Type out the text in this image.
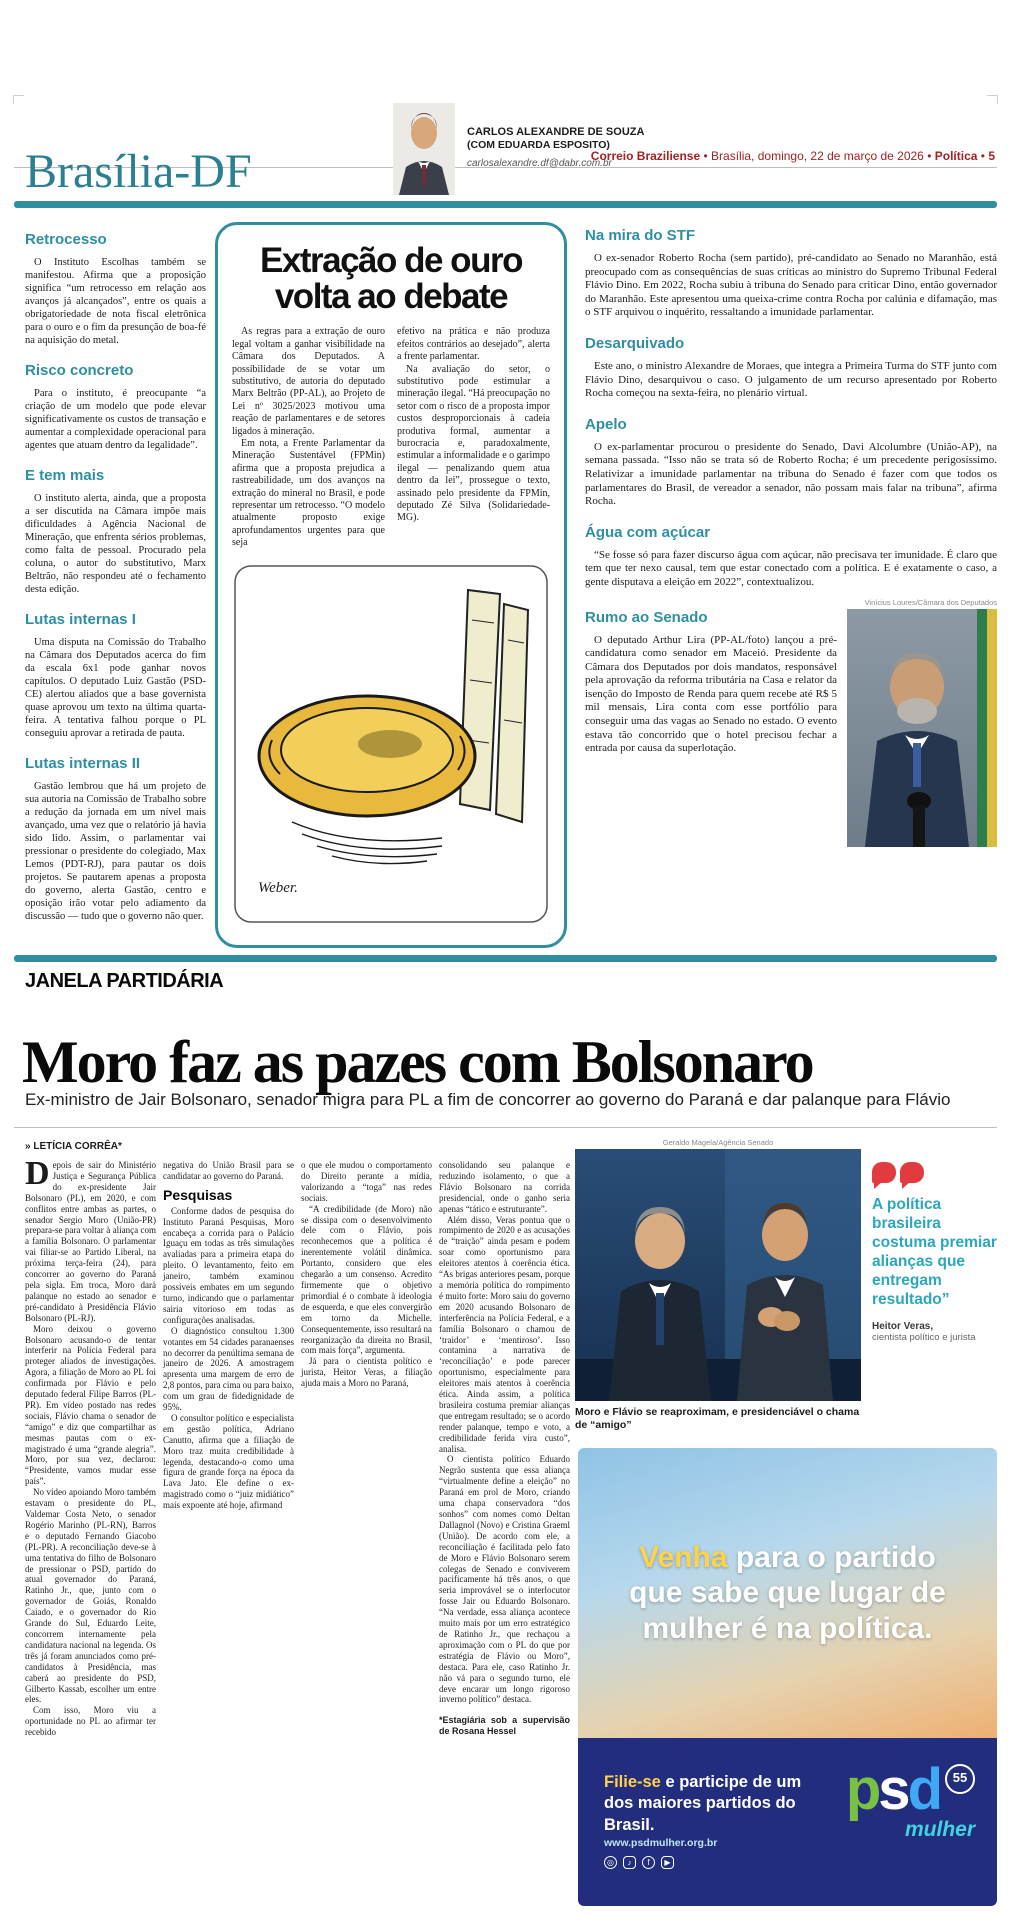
Correio Braziliense • Brasília, domingo, 22 de março de 2026 • Política • 5
Brasília-DF
CARLOS ALEXANDRE DE SOUZA
(COM EDUARDA ESPOSITO)
carlosalexandre.df@dabr.com.br
Retrocesso

O Instituto Escolhas também se manifestou. Afirma que a proposição significa “um retrocesso em relação aos avanços já alcançados”, entre os quais a obrigatoriedade de nota fiscal eletrônica para o ouro e o fim da presunção de boa-fé na aquisição do metal.

Risco concreto

Para o instituto, é preocupante “a criação de um modelo que pode elevar significativamente os custos de transação e aumentar a complexidade operacional para agentes que atuam dentro da legalidade”.

E tem mais

O instituto alerta, ainda, que a proposta a ser discutida na Câmara impõe mais dificuldades à Agência Nacional de Mineração, que enfrenta sérios problemas, como falta de pessoal. Procurado pela coluna, o autor do substitutivo, Marx Beltrão, não respondeu até o fechamento desta edição.

Lutas internas I

Uma disputa na Comissão do Trabalho na Câmara dos Deputados acerca do fim da escala 6x1 pode ganhar novos capítulos. O deputado Luiz Gastão (PSD-CE) alertou aliados que a base governista quase aprovou um texto na última quarta-feira. A tentativa falhou porque o PL conseguiu aprovar a retirada de pauta.

Lutas internas II

Gastão lembrou que há um projeto de sua autoria na Comissão de Trabalho sobre a redução da jornada em um nível mais avançado, uma vez que o relatório já havia sido lido. Assim, o parlamentar vai pressionar o presidente do colegiado, Max Lemos (PDT-RJ), para pautar os dois projetos. Se pautarem apenas a proposta do governo, alerta Gastão, centro e oposição irão votar pelo adiamento da discussão — tudo que o governo não quer.

Extração de ouro volta ao debate

As regras para a extração de ouro legal voltam a ganhar visibilidade na Câmara dos Deputados. A possibilidade de se votar um substitutivo, de autoria do deputado Marx Beltrão (PP-AL), ao Projeto de Lei nº 3025/2023 motivou uma reação de parlamentares e de setores ligados à mineração.

Em nota, a Frente Parlamentar da Mineração Sustentável (FPMin) afirma que a proposta prejudica a rastreabilidade, um dos avanços na extração do mineral no Brasil, e pode representar um retrocesso. “O modelo atualmente proposto exige aprofundamentos urgentes para que seja

efetivo na prática e não produza efeitos contrários ao desejado”, alerta a frente parlamentar.

Na avaliação do setor, o substitutivo pode estimular a mineração ilegal. “Há preocupação no setor com o risco de a proposta impor custos desproporcionais à cadeia produtiva formal, aumentar a burocracia e, paradoxalmente, estimular a informalidade e o garimpo ilegal — penalizando quem atua dentro da lei”, prossegue o texto, assinado pelo presidente da FPMin, deputado Zé Silva (Solidariedade-MG).

Weber.
Na mira do STF

O ex-senador Roberto Rocha (sem partido), pré-candidato ao Senado no Maranhão, está preocupado com as consequências de suas críticas ao ministro do Supremo Tribunal Federal Flávio Dino. Em 2022, Rocha subiu à tribuna do Senado para criticar Dino, então governador do Maranhão. Este apresentou uma queixa-crime contra Rocha por calúnia e difamação, mas o STF arquivou o inquérito, ressaltando a imunidade parlamentar.

Desarquivado

Este ano, o ministro Alexandre de Moraes, que integra a Primeira Turma do STF junto com Flávio Dino, desarquivou o caso. O julgamento de um recurso apresentado por Roberto Rocha começou na sexta-feira, no plenário virtual.

Apelo

O ex-parlamentar procurou o presidente do Senado, Davi Alcolumbre (União-AP), na semana passada. “Isso não se trata só de Roberto Rocha; é um precedente perigosíssimo. Relativizar a imunidade parlamentar na tribuna do Senado é fazer com que todos os parlamentares do Brasil, de vereador a senador, não possam mais falar na tribuna”, afirma Rocha.

Água com açúcar

“Se fosse só para fazer discurso água com açúcar, não precisava ter imunidade. É claro que tem que ter nexo causal, tem que estar conectado com a política. E é exatamente o caso, a gente disputava a eleição em 2022”, contextualizou.

Vinícius Loures/Câmara dos Deputados
Rumo ao Senado

O deputado Arthur Lira (PP-AL/foto) lançou a pré-candidatura como senador em Maceió. Presidente da Câmara dos Deputados por dois mandatos, responsável pela aprovação da reforma tributária na Casa e relator da isenção do Imposto de Renda para quem recebe até R$ 5 mil mensais, Lira conta com esse portfólio para conseguir uma das vagas ao Senado no estado. O evento estava tão concorrido que o hotel precisou fechar a entrada por causa da superlotação.

JANELA PARTIDÁRIA
Moro faz as pazes com Bolsonaro
Ex-ministro de Jair Bolsonaro, senador migra para PL a fim de concorrer ao governo do Paraná e dar palanque para Flávio
» LETÍCIA CORRÊA*

Depois de sair do Ministério Justiça e Segurança Pública do ex-presidente Jair Bolsonaro (PL), em 2020, e com conflitos entre ambas as partes, o senador Sergio Moro (União-PR) prepara-se para voltar à aliança com a família Bolsonaro. O parlamentar vai filiar-se ao Partido Liberal, na próxima terça-feira (24), para concorrer ao governo do Paraná pela sigla. Em troca, Moro dará palanque no estado ao senador e pré-candidato à Presidência Flávio Bolsonaro (PL-RJ).

Moro deixou o governo Bolsonaro acusando-o de tentar interferir na Polícia Federal para proteger aliados de investigações. Agora, a filiação de Moro ao PL foi confirmada por Flávio e pelo deputado federal Filipe Barros (PL-PR). Em vídeo postado nas redes sociais, Flávio chama o senador de “amigo” e diz que compartilhar as mesmas pautas com o ex-magistrado é uma “grande alegria”. Moro, por sua vez, declarou: “Presidente, vamos mudar esse país”.

No vídeo apoiando Moro também estavam o presidente do PL, Valdemar Costa Neto, o senador Rogério Marinho (PL-RN), Barros e o deputado Fernando Giacobo (PL-PR). A reconciliação deve-se à uma tentativa do filho de Bolsonaro de pressionar o PSD, partido do atual governador do Paraná, Ratinho Jr., que, junto com o governador de Goiás, Ronaldo Caiado, e o governador do Rio Grande do Sul, Eduardo Leite, concorrem internamente pela candidatura nacional na legenda. Os três já foram anunciados como pré-candidatos à Presidência, mas caberá ao presidente do PSD, Gilberto Kassab, escolher um entre eles.

Com isso, Moro viu a oportunidade no PL ao afirmar ter recebido

negativa do União Brasil para se candidatar ao governo do Paraná.

Pesquisas

Conforme dados de pesquisa do Instituto Paraná Pesquisas, Moro encabeça a corrida para o Palácio Iguaçu em todas as três simulações avaliadas para a primeira etapa do pleito. O levantamento, feito em janeiro, também examinou possíveis embates em um segundo turno, indicando que o parlamentar sairia vitorioso em todas as configurações analisadas.

O diagnóstico consultou 1.300 votantes em 54 cidades paranaenses no decorrer da penúltima semana de janeiro de 2026. A amostragem apresenta uma margem de erro de 2,8 pontos, para cima ou para baixo, com um grau de fidedignidade de 95%.

O consultor político e especialista em gestão política, Adriano Canutto, afirma que a filiação de Moro traz muita credibilidade à legenda, destacando-o como uma figura de grande força na época da Lava Jato. Ele define o ex-magistrado como o “juiz midiático” mais expoente até hoje, afirmand

o que ele mudou o comportamento do Direito perante a mídia, valorizando a “toga” nas redes sociais.

“A credibilidade (de Moro) não se dissipa com o desenvolvimento dele com o Flávio, pois reconhecemos que a política é inerentemente volátil dinâmica. Portanto, considero que eles chegarão a um consenso. Acredito firmemente que o objetivo primordial é o combate à ideologia de esquerda, e que eles convergirão em torno da Michelle. Consequentemente, isso resultará na reorganização da direita no Brasil, com mais força”, argumenta.

Já para o cientista político e jurista, Heitor Veras, a filiação ajuda mais a Moro no Paraná,

consolidando seu palanque e reduzindo isolamento, o que a Flávio Bolsonaro na corrida presidencial, onde o ganho seria apenas “tático e estruturante”.

Além disso, Veras pontua que o rompimento de 2020 e as acusações de “traição” ainda pesam e podem soar como oportunismo para eleitores atentos à coerência ética. “As brigas anteriores pesam, porque a memória política do rompimento é muito forte: Moro saiu do governo em 2020 acusando Bolsonaro de interferência na Polícia Federal, e a família Bolsonaro o chamou de ‘traidor’ e ‘mentiroso’. Isso contamina a narrativa de ‘reconciliação’ e pode parecer oportunismo, especialmente para eleitores mais atentos à coerência ética. Ainda assim, a política brasileira costuma premiar alianças que entregam resultado; se o acordo render palanque, tempo e voto, a credibilidade ferida vira custo”, analisa.

O cientista político Eduardo Negrão sustenta que essa aliança “virtualmente define a eleição” no Paraná em prol de Moro, criando uma chapa conservadora “dos sonhos” com nomes como Deltan Dallagnol (Novo) e Cristina Graeml (União). De acordo com ele, a reconciliação é facilitada pelo fato de Moro e Flávio Bolsonaro serem colegas de Senado e conviverem pacificamente há três anos, o que seria improvável se o interlocutor fosse Jair ou Eduardo Bolsonaro. “Na verdade, essa aliança acontece muito mais por um erro estratégico de Ratinho Jr., que rechaçou a aproximação com o PL do que por estratégia de Flávio ou Moro”, destaca. Para ele, caso Ratinho Jr. não vá para o segundo turno, ele deve encarar um longo rigoroso inverno político” destaca.

*Estagiária sob a supervisão de Rosana Hessel
Geraldo Magela/Agência Senado
Moro e Flávio se reaproximam, e presidenciável o chama de “amigo”
A política brasileira costuma premiar alianças que entregam resultado”
Heitor Veras,
cientista político e jurista
Venha para o partido que sabe que lugar de mulher é na política.
Filie-se e participe de um dos maiores partidos do Brasil.
www.psdmulher.org.br
◎	♪	f	▶
psd 55
mulher
